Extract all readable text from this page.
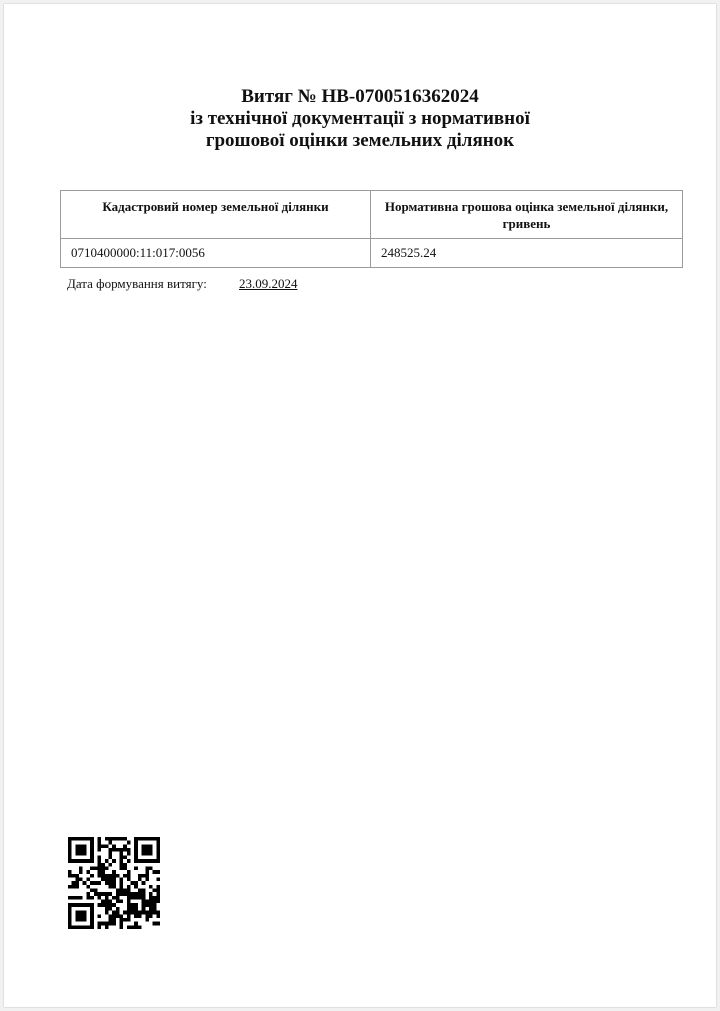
Витяг № НВ-0700516362024
із технічної документації з нормативної
грошової оцінки земельних ділянок
Кадастровий номер земельної ділянки	Нормативна грошова оцінка земельної ділянки, гривень
0710400000:11:017:0056	248525.24
Дата формування витягу: 23.09.2024
